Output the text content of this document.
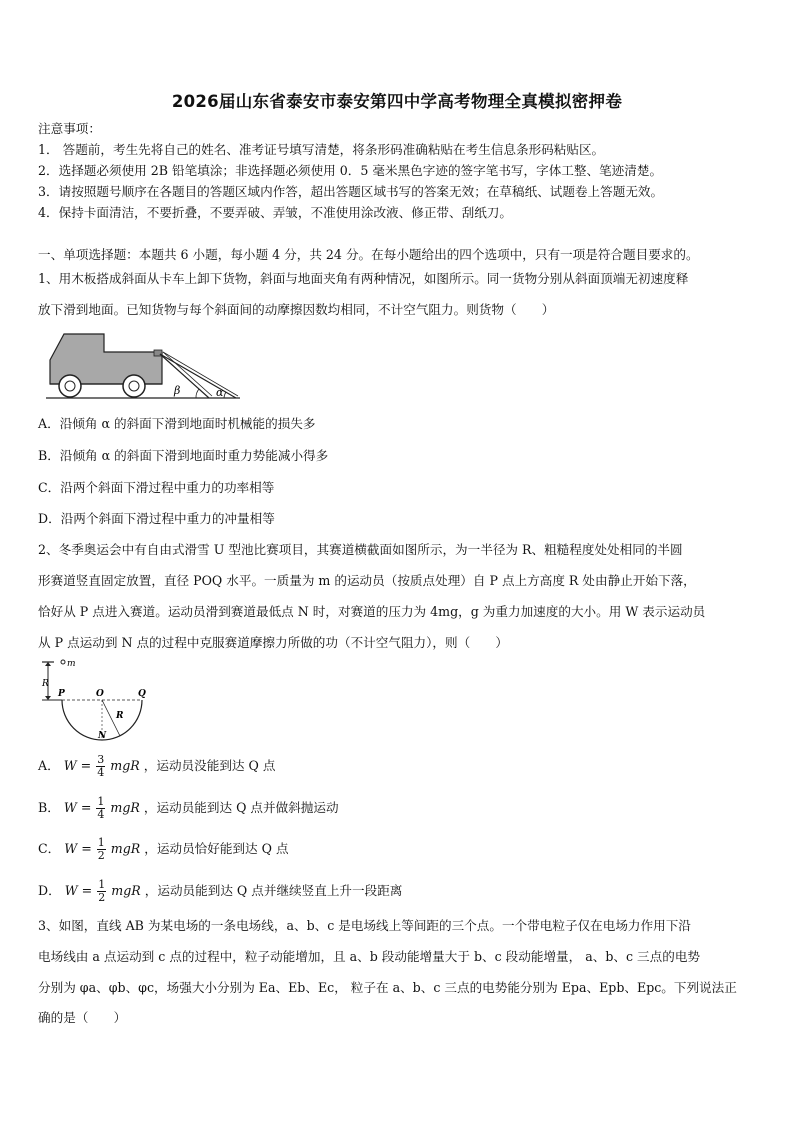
2026届山东省泰安市泰安第四中学高考物理全真模拟密押卷
注意事项：
1． 答题前，考生先将自己的姓名、准考证号填写清楚，将条形码准确粘贴在考生信息条形码粘贴区。
2．选择题必须使用 2B 铅笔填涂；非选择题必须使用 0．5 毫米黑色字迹的签字笔书写，字体工整、笔迹清楚。
3．请按照题号顺序在各题目的答题区域内作答，超出答题区域书写的答案无效；在草稿纸、试题卷上答题无效。
4．保持卡面清洁，不要折叠，不要弄破、弄皱，不准使用涂改液、修正带、刮纸刀。
一、单项选择题：本题共 6 小题，每小题 4 分，共 24 分。在每小题给出的四个选项中，只有一项是符合题目要求的。
1、用木板搭成斜面从卡车上卸下货物，斜面与地面夹角有两种情况，如图所示。同一货物分别从斜面顶端无初速度释
放下滑到地面。已知货物与每个斜面间的动摩擦因数均相同，不计空气阻力。则货物（　　）
β	α
A．沿倾角 α 的斜面下滑到地面时机械能的损失多
B．沿倾角 α 的斜面下滑到地面时重力势能减小得多
C．沿两个斜面下滑过程中重力的功率相等
D．沿两个斜面下滑过程中重力的冲量相等
2、冬季奥运会中有自由式滑雪 U 型池比赛项目，其赛道横截面如图所示，为一半径为 R、粗糙程度处处相同的半圆
形赛道竖直固定放置，直径 POQ 水平。一质量为 m 的运动员（按质点处理）自 P 点上方高度 R 处由静止开始下落，
恰好从 P 点进入赛道。运动员滑到赛道最低点 N 时，对赛道的压力为 4mg，g 为重力加速度的大小。用 W 表示运动员
从 P 点运动到 N 点的过程中克服赛道摩擦力所做的功（不计空气阻力），则（　　）
m
R
P	O	Q
R
N
A． $W = \frac{3}{4}$ mgR ，运动员没能到达 Q 点
B． $W = \frac{1}{4}$ mgR ，运动员能到达 Q 点并做斜抛运动
C． $W = \frac{1}{2}$ mgR ，运动员恰好能到达 Q 点
D． $W = \frac{1}{2}$ mgR ，运动员能到达 Q 点并继续竖直上升一段距离
3、如图，直线 AB 为某电场的一条电场线，a、b、c 是电场线上等间距的三个点。一个带电粒子仅在电场力作用下沿
电场线由 a 点运动到 c 点的过程中，粒子动能增加，且 a、b 段动能增量大于 b、c 段动能增量， a、b、c 三点的电势
分别为 φa、φb、φc，场强大小分别为 Ea、Eb、Ec， 粒子在 a、b、c 三点的电势能分别为 Epa、Epb、Epc。下列说法正
确的是（　　）
